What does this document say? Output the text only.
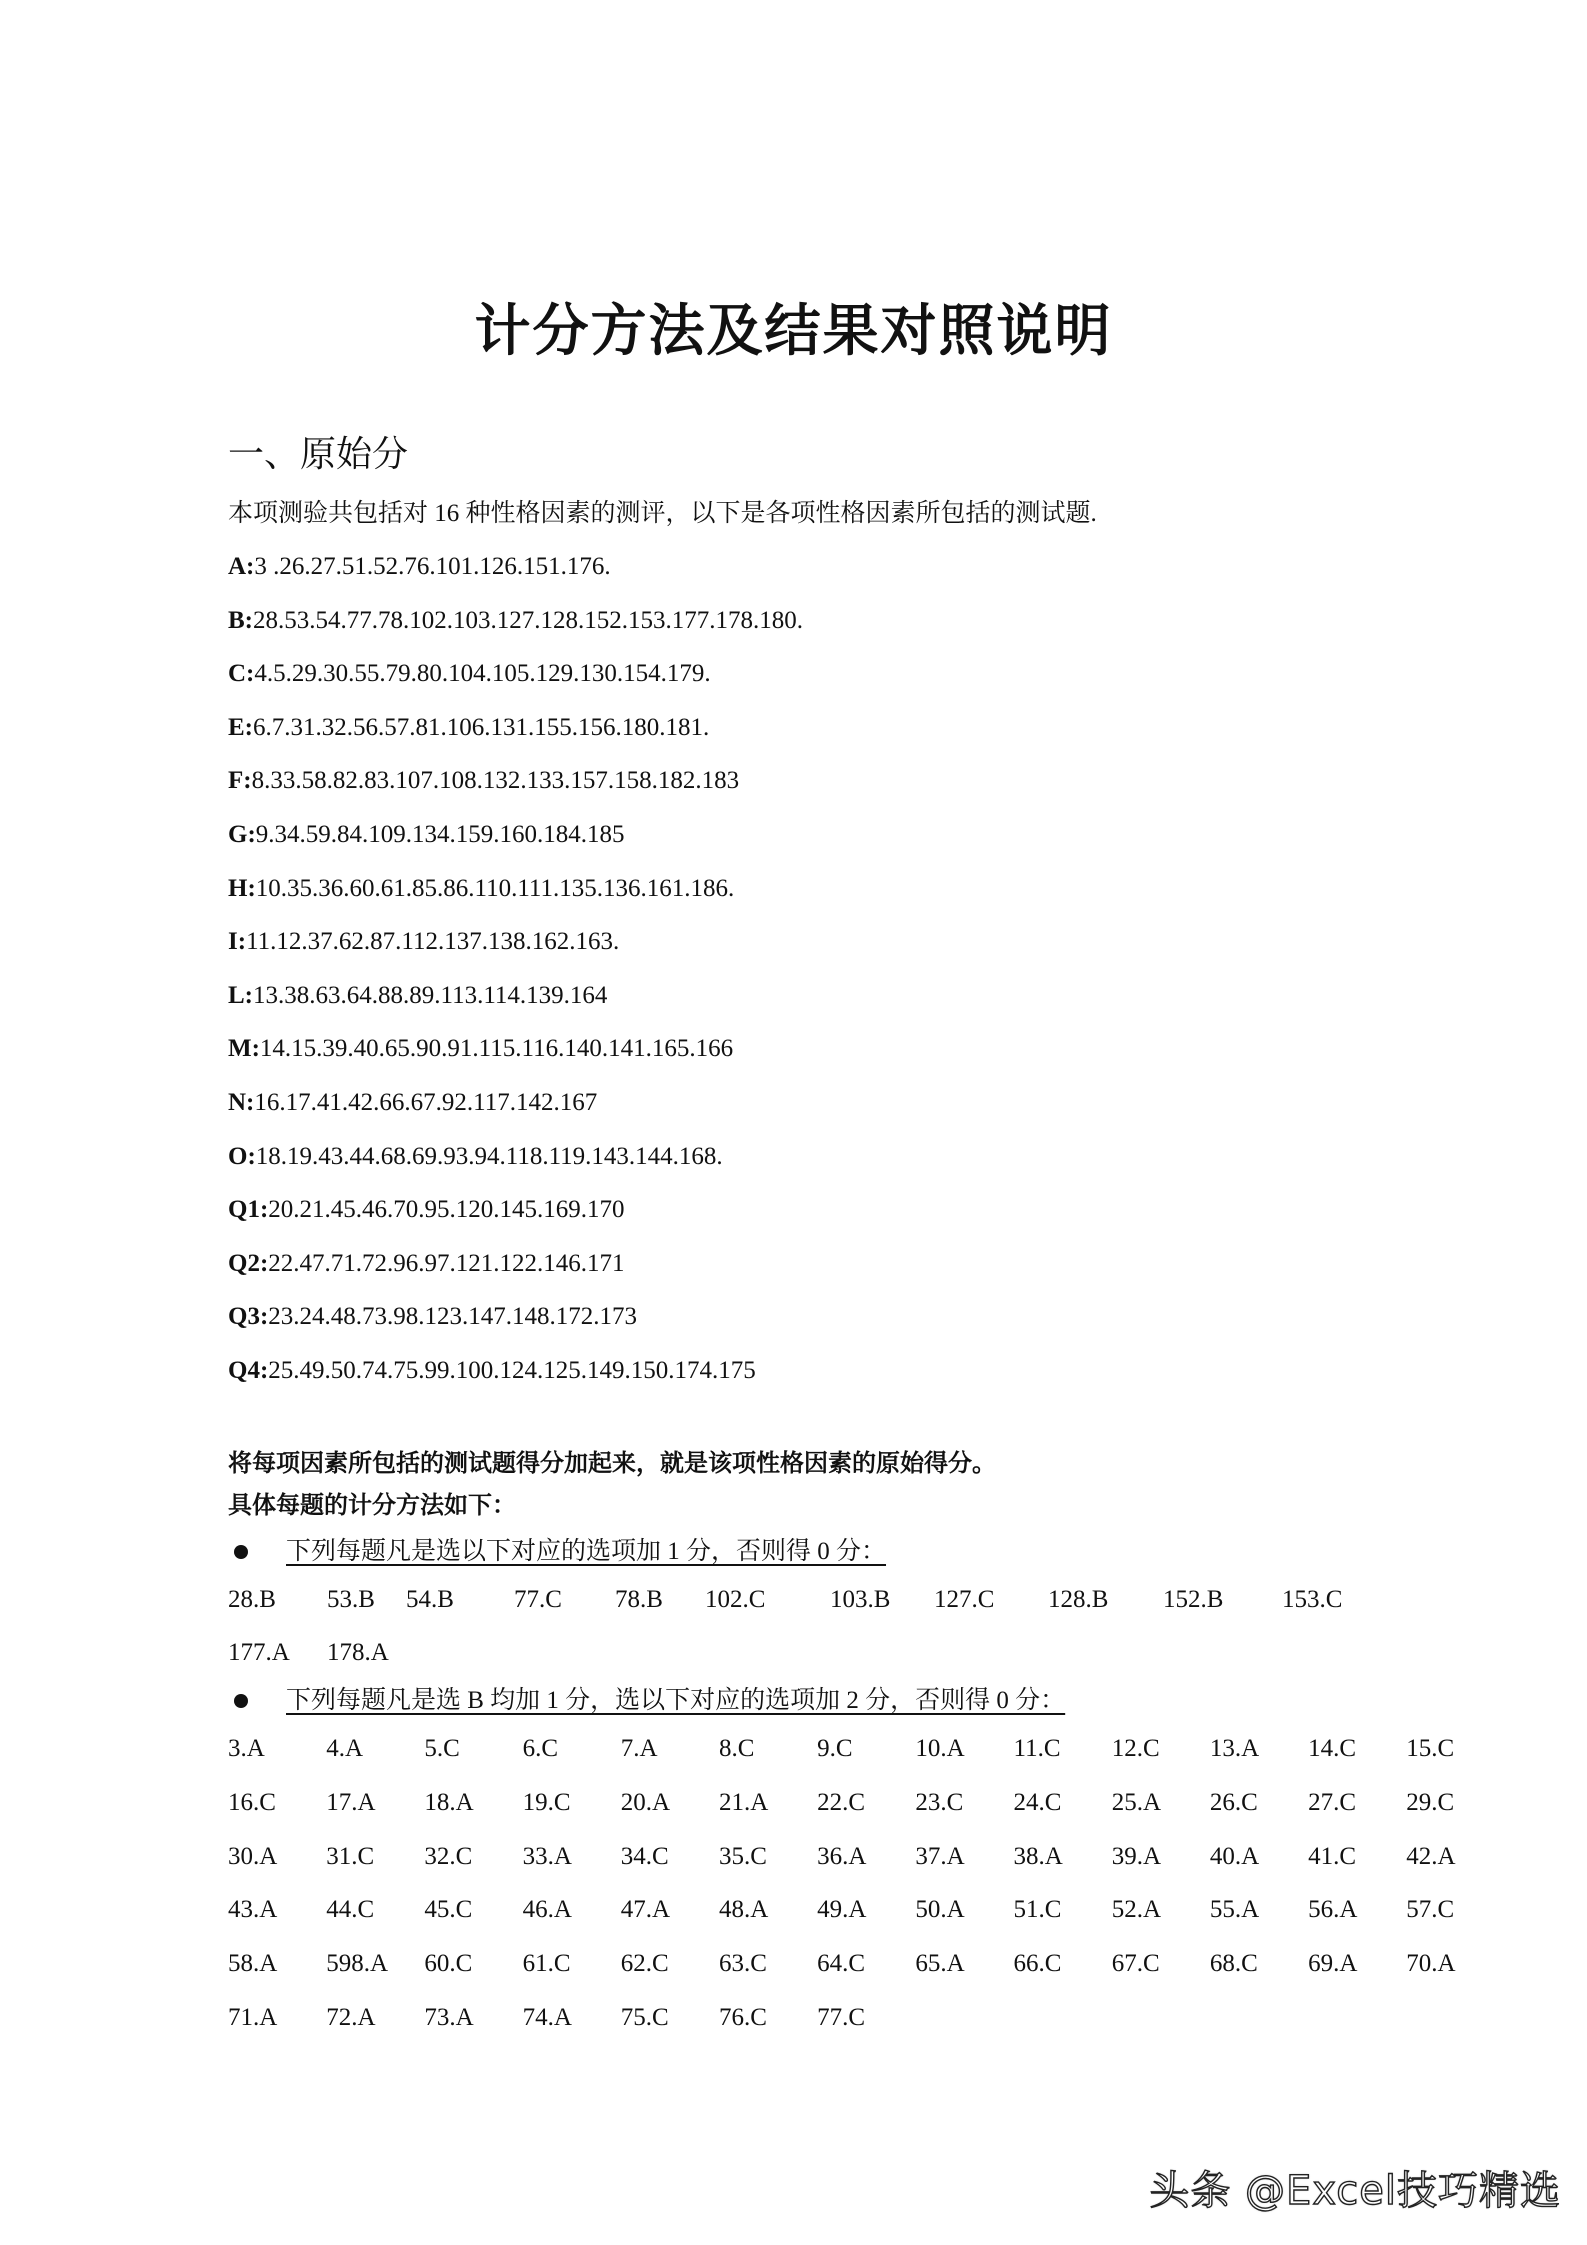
计分方法及结果对照说明
一、原始分
本项测验共包括对 16 种性格因素的测评，以下是各项性格因素所包括的测试题.
A:3 .26.27.51.52.76.101.126.151.176.
B:28.53.54.77.78.102.103.127.128.152.153.177.178.180.
C:4.5.29.30.55.79.80.104.105.129.130.154.179.
E:6.7.31.32.56.57.81.106.131.155.156.180.181.
F:8.33.58.82.83.107.108.132.133.157.158.182.183
G:9.34.59.84.109.134.159.160.184.185
H:10.35.36.60.61.85.86.110.111.135.136.161.186.
I:11.12.37.62.87.112.137.138.162.163.
L:13.38.63.64.88.89.113.114.139.164
M:14.15.39.40.65.90.91.115.116.140.141.165.166
N:16.17.41.42.66.67.92.117.142.167
O:18.19.43.44.68.69.93.94.118.119.143.144.168.
Q1:20.21.45.46.70.95.120.145.169.170
Q2:22.47.71.72.96.97.121.122.146.171
Q3:23.24.48.73.98.123.147.148.172.173
Q4:25.49.50.74.75.99.100.124.125.149.150.174.175
将每项因素所包括的测试题得分加起来，就是该项性格因素的原始得分。
具体每题的计分方法如下：
下列每题凡是选以下对应的选项加 1 分，否则得 0 分：
28.B	53.B	54.B	77.C	78.B	102.C	103.B	127.C	128.B	152.B	153.C
177.A	178.A
下列每题凡是选 B 均加 1 分，选以下对应的选项加 2 分，否则得 0 分：
3.A	4.A	5.C	6.C	7.A	8.C	9.C	10.A	11.C	12.C	13.A	14.C	15.C
16.C	17.A	18.A	19.C	20.A	21.A	22.C	23.C	24.C	25.A	26.C	27.C	29.C
30.A	31.C	32.C	33.A	34.C	35.C	36.A	37.A	38.A	39.A	40.A	41.C	42.A
43.A	44.C	45.C	46.A	47.A	48.A	49.A	50.A	51.C	52.A	55.A	56.A	57.C
58.A	598.A	60.C	61.C	62.C	63.C	64.C	65.A	66.C	67.C	68.C	69.A	70.A
71.A	72.A	73.A	74.A	75.C	76.C	77.C
头条 @Excel技巧精选
